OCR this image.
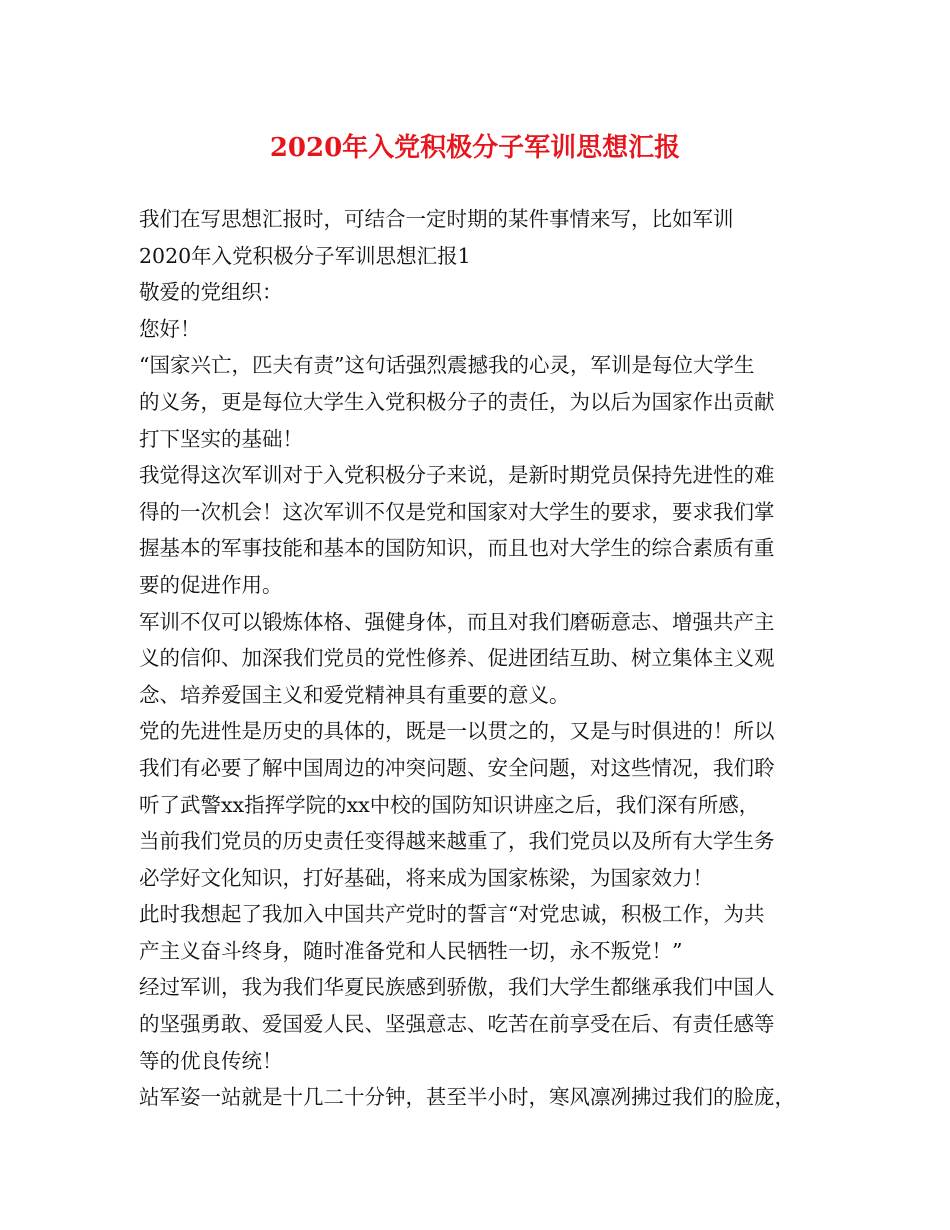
2020年入党积极分子军训思想汇报
我们在写思想汇报时，可结合一定时期的某件事情来写，比如军训
2020年入党积极分子军训思想汇报1
敬爱的党组织：
您好！
“国家兴亡，匹夫有责”这句话强烈震撼我的心灵，军训是每位大学生
的义务，更是每位大学生入党积极分子的责任，为以后为国家作出贡献
打下坚实的基础！
我觉得这次军训对于入党积极分子来说，是新时期党员保持先进性的难
得的一次机会！这次军训不仅是党和国家对大学生的要求，要求我们掌
握基本的军事技能和基本的国防知识，而且也对大学生的综合素质有重
要的促进作用。
军训不仅可以锻炼体格、强健身体，而且对我们磨砺意志、增强共产主
义的信仰、加深我们党员的党性修养、促进团结互助、树立集体主义观
念、培养爱国主义和爱党精神具有重要的意义。
党的先进性是历史的具体的，既是一以贯之的，又是与时俱进的！所以
我们有必要了解中国周边的冲突问题、安全问题，对这些情况，我们聆
听了武警xx指挥学院的xx中校的国防知识讲座之后，我们深有所感，
当前我们党员的历史责任变得越来越重了，我们党员以及所有大学生务
必学好文化知识，打好基础，将来成为国家栋梁，为国家效力！
此时我想起了我加入中国共产党时的誓言“对党忠诚，积极工作，为共
产主义奋斗终身，随时准备党和人民牺牲一切，永不叛党！”
经过军训，我为我们华夏民族感到骄傲，我们大学生都继承我们中国人
的坚强勇敢、爱国爱人民、坚强意志、吃苦在前享受在后、有责任感等
等的优良传统！
站军姿一站就是十几二十分钟，甚至半小时，寒风凛冽拂过我们的脸庞，
